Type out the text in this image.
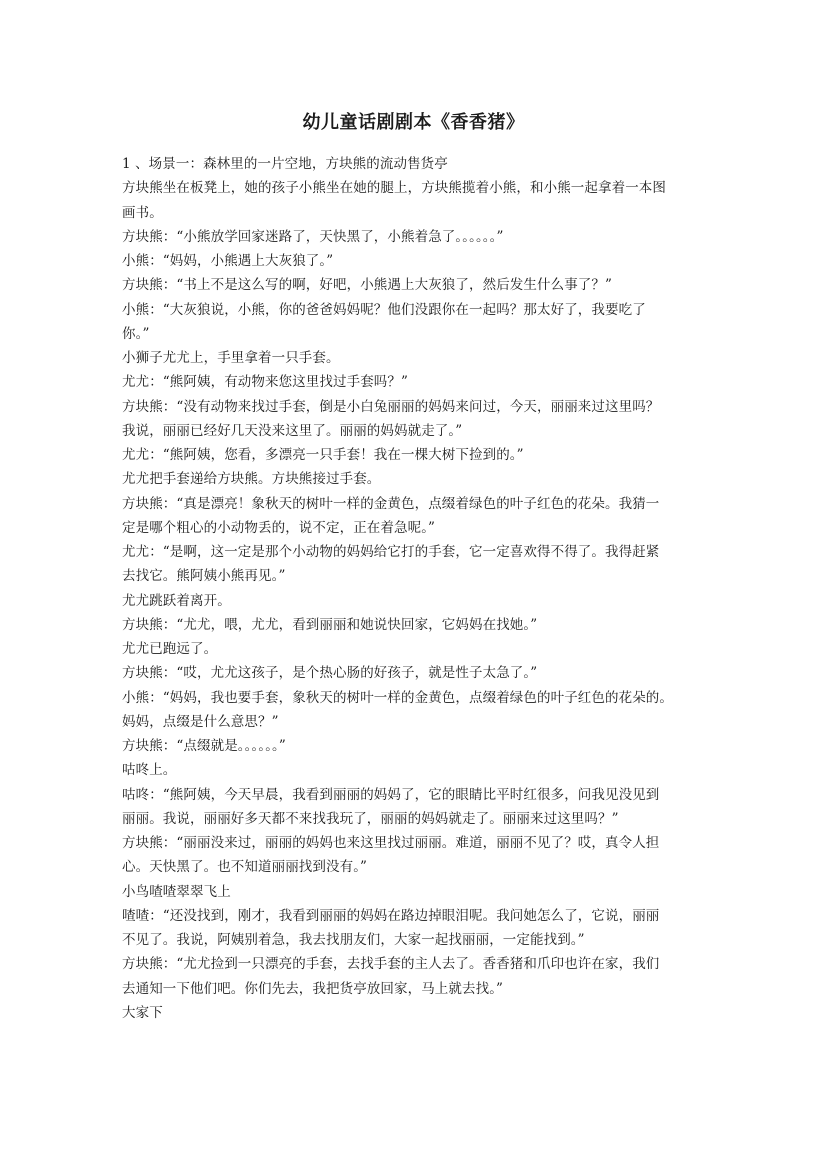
幼儿童话剧剧本《香香猪》
1 、场景一：森林里的一片空地，方块熊的流动售货亭
方块熊坐在板凳上，她的孩子小熊坐在她的腿上，方块熊揽着小熊，和小熊一起拿着一本图
画书。
方块熊：“小熊放学回家迷路了，天快黑了，小熊着急了。。。。。。”
小熊：“妈妈，小熊遇上大灰狼了。”
方块熊：“书上不是这么写的啊，好吧，小熊遇上大灰狼了，然后发生什么事了？”
小熊：“大灰狼说，小熊，你的爸爸妈妈呢？他们没跟你在一起吗？那太好了，我要吃了
你。”
小狮子尤尤上，手里拿着一只手套。
尤尤：“熊阿姨，有动物来您这里找过手套吗？”
方块熊：“没有动物来找过手套，倒是小白兔丽丽的妈妈来问过，今天，丽丽来过这里吗？
我说，丽丽已经好几天没来这里了。丽丽的妈妈就走了。”
尤尤：“熊阿姨，您看，多漂亮一只手套！我在一棵大树下捡到的。”
尤尤把手套递给方块熊。方块熊接过手套。
方块熊：“真是漂亮！象秋天的树叶一样的金黄色，点缀着绿色的叶子红色的花朵。我猜一
定是哪个粗心的小动物丢的，说不定，正在着急呢。”
尤尤：“是啊，这一定是那个小动物的妈妈给它打的手套，它一定喜欢得不得了。我得赶紧
去找它。熊阿姨小熊再见。”
尤尤跳跃着离开。
方块熊：“尤尤，喂，尤尤，看到丽丽和她说快回家，它妈妈在找她。”
尤尤已跑远了。
方块熊：“哎，尤尤这孩子，是个热心肠的好孩子，就是性子太急了。”
小熊：“妈妈，我也要手套，象秋天的树叶一样的金黄色，点缀着绿色的叶子红色的花朵的。
妈妈，点缀是什么意思？”
方块熊：“点缀就是。。。。。。”
咕咚上。
咕咚：“熊阿姨，今天早晨，我看到丽丽的妈妈了，它的眼睛比平时红很多，问我见没见到
丽丽。我说，丽丽好多天都不来找我玩了，丽丽的妈妈就走了。丽丽来过这里吗？”
方块熊：“丽丽没来过，丽丽的妈妈也来这里找过丽丽。难道，丽丽不见了？哎，真令人担
心。天快黑了。也不知道丽丽找到没有。”
小鸟喳喳翠翠飞上
喳喳：“还没找到，刚才，我看到丽丽的妈妈在路边掉眼泪呢。我问她怎么了，它说，丽丽
不见了。我说，阿姨别着急，我去找朋友们，大家一起找丽丽，一定能找到。”
方块熊：“尤尤捡到一只漂亮的手套，去找手套的主人去了。香香猪和爪印也许在家，我们
去通知一下他们吧。你们先去，我把货亭放回家，马上就去找。”
大家下
